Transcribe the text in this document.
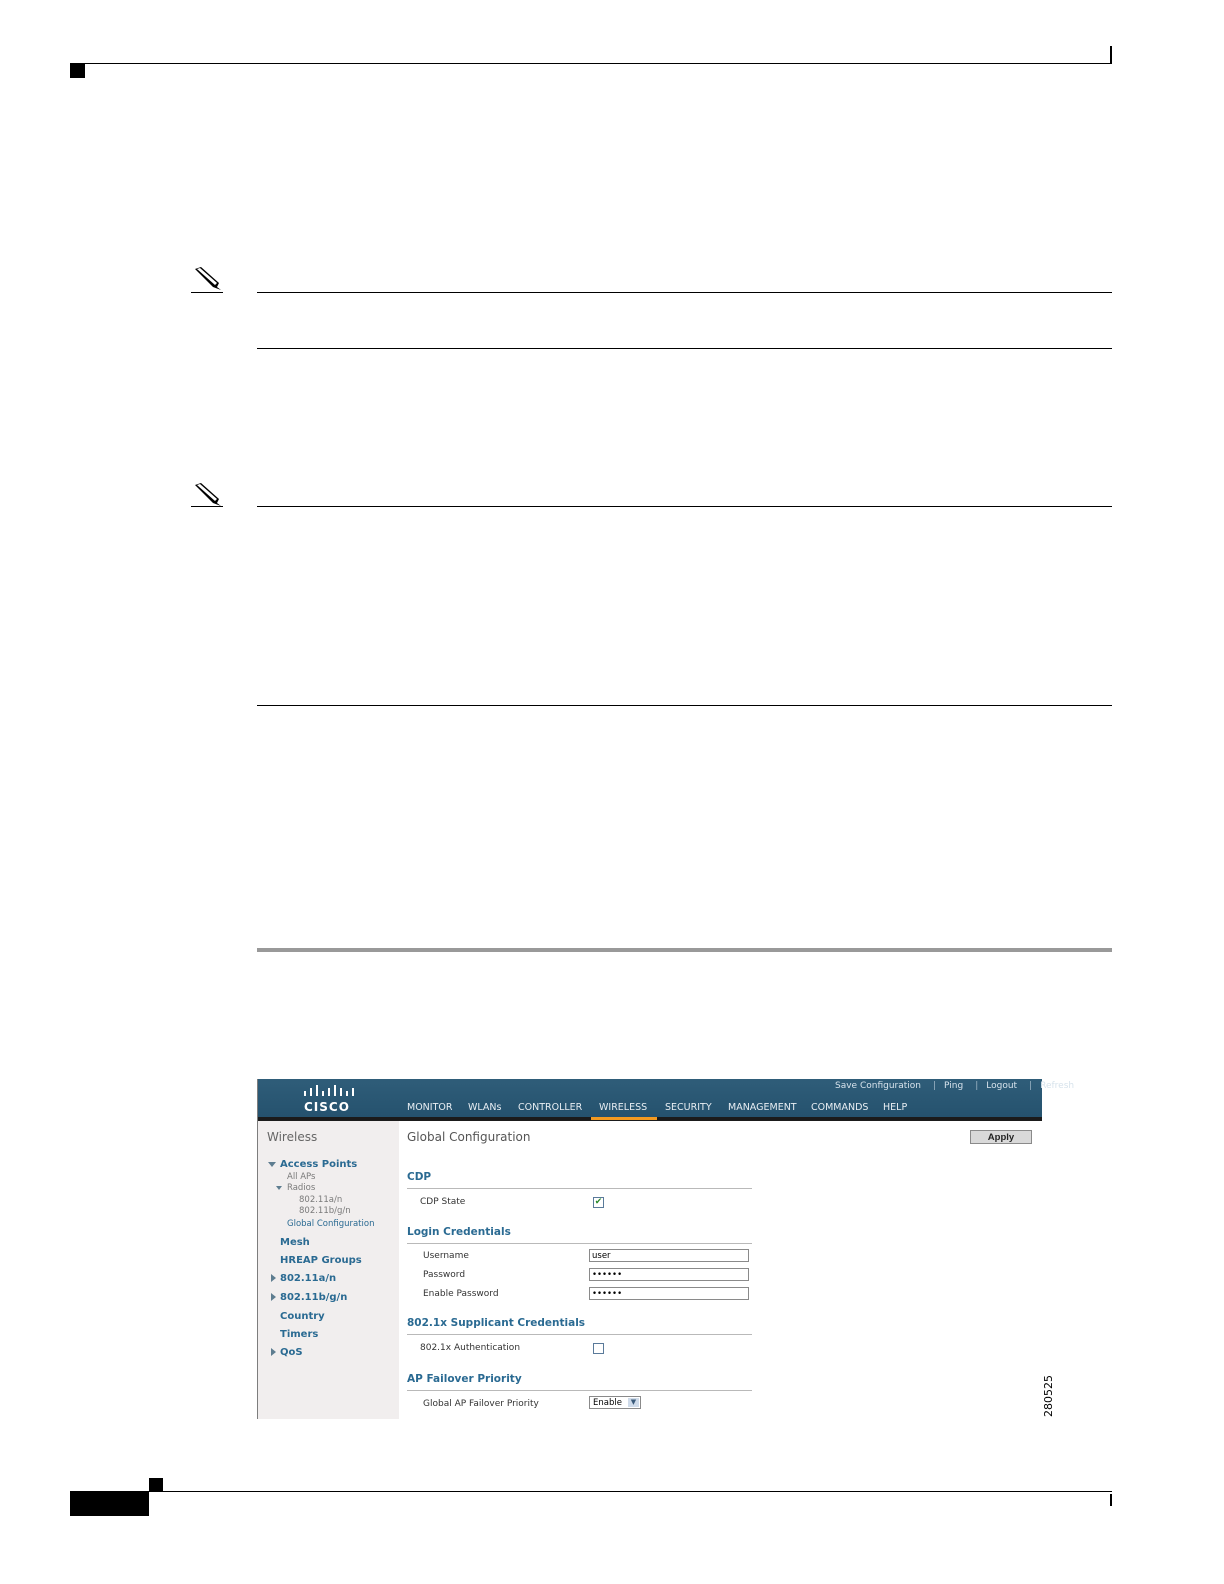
CISCO
Save Configuration | Ping | Logout | Refresh
MONITOR WLANs CONTROLLER WIRELESS SECURITY MANAGEMENT COMMANDS HELP
Wireless
Access Points
All APs
Radios
802.11a/n
802.11b/g/n
Global Configuration
Mesh
HREAP Groups
802.11a/n
802.11b/g/n
Country
Timers
QoS
Global Configuration	Apply
CDP
CDP State	✔
Login Credentials
Username	user
Password	••••••
Enable Password	••••••
802.1x Supplicant Credentials
802.1x Authentication
AP Failover Priority
Global AP Failover Priority	Enable	▼	280525
